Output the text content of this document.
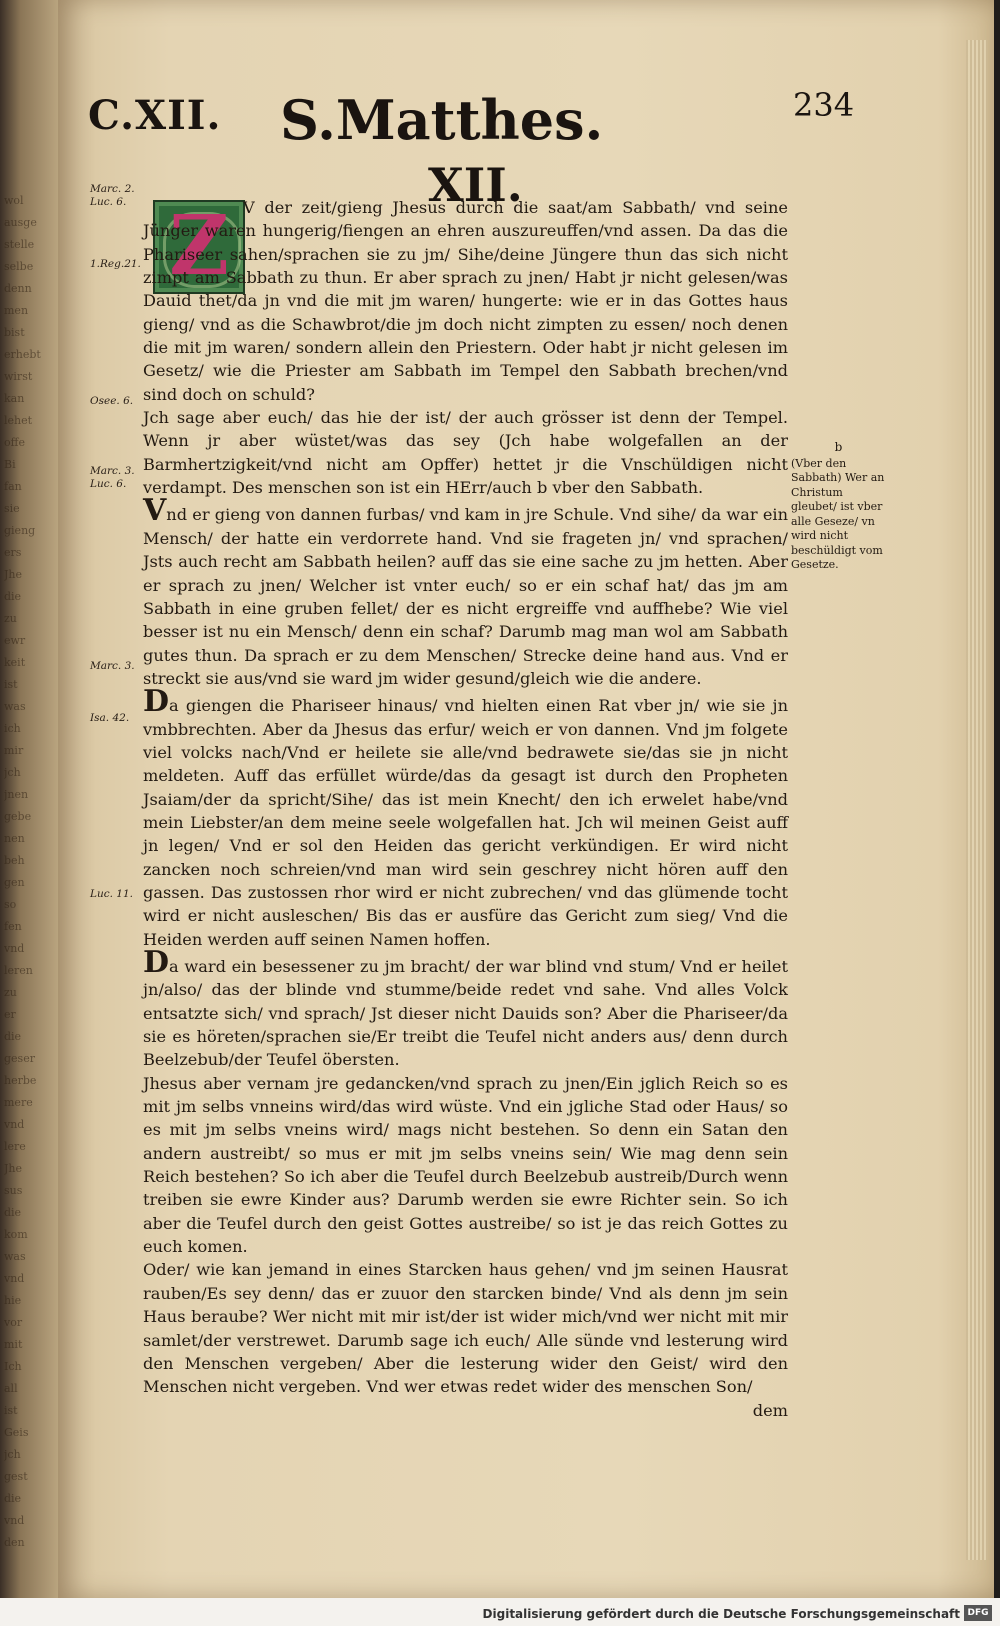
wol
ausge
stelle
selbe
denn
men
bist
erhebt
wirst
kan
lehet
offe
Bi
fan
sie
gieng
ers
Jhe
die
zu
ewr
keit
ist
was
ich
mir
jch
jnen
gebe
nen
beh
gen
so
fen
vnd
leren
zu
er
die
geser
herbe
mere
vnd
lere
Jhe
sus
die
kom
was
vnd
hie
vor
mit
Ich
all
ist
Geis
jch
gest
die
vnd
den
C.XII. S.Matthes.	234
XII.
Marc. 2. Luc. 6.
1.Reg.21.
Osee. 6.
Marc. 3. Luc. 6.
Marc. 3.
Isa. 42.
Luc. 11.
Z V der zeit/gieng Jhesus durch die saat/am Sabbath/ vnd seine Jünger waren hungerig/fiengen an ehren auszureuffen/vnd assen. Da das die Phariseer sahen/sprachen sie zu jm/ Sihe/deine Jüngere thun das sich nicht zimpt am Sabbath zu thun. Er aber sprach zu jnen/ Habt jr nicht gelesen/was Dauid thet/da jn vnd die mit jm waren/ hungerte: wie er in das Gottes haus gieng/ vnd as die Schawbrot/die jm doch nicht zimpten zu essen/ noch denen die mit jm waren/ sondern allein den Priestern. Oder habt jr nicht gelesen im Gesetz/ wie die Priester am Sabbath im Tempel den Sabbath brechen/vnd sind doch on schuld?

Jch sage aber euch/ das hie der ist/ der auch grösser ist denn der Tempel. Wenn jr aber wüstet/was das sey (Jch habe wolgefallen an der Barmhertzigkeit/vnd nicht am Opffer) hettet jr die Vnschüldigen nicht verdampt. Des menschen son ist ein HErr/auch b vber den Sabbath.

Vnd er gieng von dannen furbas/ vnd kam in jre Schule. Vnd sihe/ da war ein Mensch/ der hatte ein verdorrete hand. Vnd sie frageten jn/ vnd sprachen/ Jsts auch recht am Sabbath heilen? auff das sie eine sache zu jm hetten. Aber er sprach zu jnen/ Welcher ist vnter euch/ so er ein schaf hat/ das jm am Sabbath in eine gruben fellet/ der es nicht ergreiffe vnd auffhebe? Wie viel besser ist nu ein Mensch/ denn ein schaf? Darumb mag man wol am Sabbath gutes thun. Da sprach er zu dem Menschen/ Strecke deine hand aus. Vnd er streckt sie aus/vnd sie ward jm wider gesund/gleich wie die andere.

Da giengen die Phariseer hinaus/ vnd hielten einen Rat vber jn/ wie sie jn vmbbrechten. Aber da Jhesus das erfur/ weich er von dannen. Vnd jm folgete viel volcks nach/Vnd er heilete sie alle/vnd bedrawete sie/das sie jn nicht meldeten. Auff das erfüllet würde/das da gesagt ist durch den Propheten Jsaiam/der da spricht/Sihe/ das ist mein Knecht/ den ich erwelet habe/vnd mein Liebster/an dem meine seele wolgefallen hat. Jch wil meinen Geist auff jn legen/ Vnd er sol den Heiden das gericht verkündigen. Er wird nicht zancken noch schreien/vnd man wird sein geschrey nicht hören auff den gassen. Das zustossen rhor wird er nicht zubrechen/ vnd das glümende tocht wird er nicht ausleschen/ Bis das er ausfüre das Gericht zum sieg/ Vnd die Heiden werden auff seinen Namen hoffen.

Da ward ein besessener zu jm bracht/ der war blind vnd stum/ Vnd er heilet jn/also/ das der blinde vnd stumme/beide redet vnd sahe. Vnd alles Volck entsatzte sich/ vnd sprach/ Jst dieser nicht Dauids son? Aber die Phariseer/da sie es höreten/sprachen sie/Er treibt die Teufel nicht anders aus/ denn durch Beelzebub/der Teufel öbersten.

Jhesus aber vernam jre gedancken/vnd sprach zu jnen/Ein jglich Reich so es mit jm selbs vnneins wird/das wird wüste. Vnd ein jgliche Stad oder Haus/ so es mit jm selbs vneins wird/ mags nicht bestehen. So denn ein Satan den andern austreibt/ so mus er mit jm selbs vneins sein/ Wie mag denn sein Reich bestehen? So ich aber die Teufel durch Beelzebub austreib/Durch wenn treiben sie ewre Kinder aus? Darumb werden sie ewre Richter sein. So ich aber die Teufel durch den geist Gottes austreibe/ so ist je das reich Gottes zu euch komen.

Oder/ wie kan jemand in eines Starcken haus gehen/ vnd jm seinen Hausrat rauben/Es sey denn/ das er zuuor den starcken binde/ Vnd als denn jm sein Haus beraube? Wer nicht mit mir ist/der ist wider mich/vnd wer nicht mit mir samlet/der verstrewet. Darumb sage ich euch/ Alle sünde vnd lesterung wird den Menschen vergeben/ Aber die lesterung wider den Geist/ wird den Menschen nicht vergeben. Vnd wer etwas redet wider des menschen Son/

dem

b
(Vber den Sabbath) Wer an Christum gleubet/ ist vber alle Geseze/ vn wird nicht beschüldigt vom Gesetze.
Digitalisierung gefördert durch die Deutsche Forschungsgemeinschaft DFG
